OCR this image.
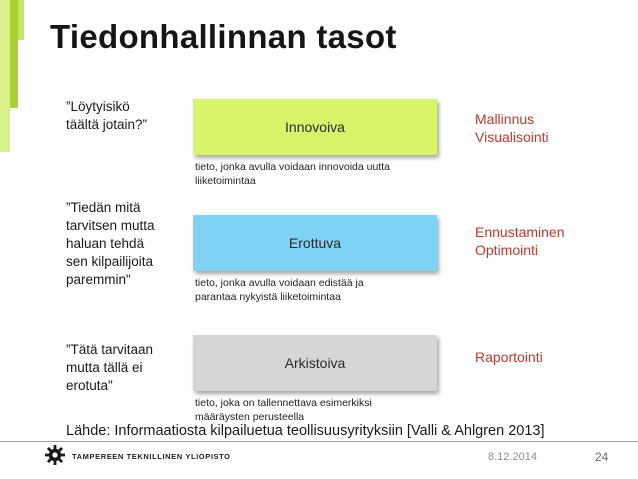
Tiedonhallinnan tasot
”Löytyisikö
täältä jotain?”	Innovoiva
tieto, jonka avulla voidaan innovoida uutta
liiketoimintaa
Mallinnus
Visualisointi
”Tiedän mitä
tarvitsen mutta
haluan tehdä
sen kilpailijoita
paremmin"
Erottuva
tieto, jonka avulla voidaan edistää ja
parantaa nykyistä liiketoimintaa
Ennustaminen
Optimointi
”Tätä tarvitaan
mutta tällä ei
erotuta"
Arkistoiva
tieto, joka on tallennettava esimerkiksi
määräysten perusteella
Raportointi
Lähde: Informaatiosta kilpailuetua teollisuusyrityksiin [Valli & Ahlgren 2013]
TAMPEREEN TEKNILLINEN YLIOPISTO	8.12.2014	24
